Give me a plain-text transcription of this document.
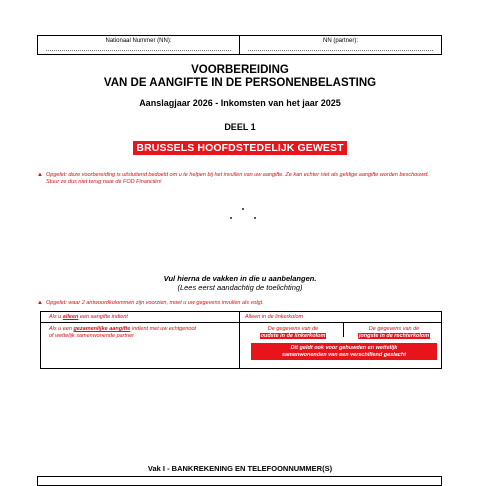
Nationaal Nummer (NN):	NN (partner):
VOORBEREIDING
VAN DE AANGIFTE IN DE PERSONENBELASTING
Aanslagjaar 2026 - Inkomsten van het jaar 2025
DEEL 1
BRUSSELS HOOFDSTEDELIJK GEWEST
▲ Opgelet: deze voorbereiding is uitsluitend bedoeld om u te helpen bij het invullen van uw aangifte. Ze kan echter niet als geldige aangifte worden beschouwd.
Stuur ze dus niet terug naar de FOD Financiën!
Vul hierna de vakken in die u aanbelangen.
(Lees eerst aandachtig de toelichting)
▲ Opgelet: waar 2 antwoordkolommen zijn voorzien, moet u uw gegevens invullen als volgt.
Als u alleen een aangifte indient	Alleen in de linkerkolom
Als u een gezamenlijke aangifte indient met uw echtgenoot
of wettelijk samenwonende partner
De gegevens van de
oudste in de linkerkolom
De gegevens van de
jongste in de rechterkolom
Dit geldt ook voor gehuwden en wettelijk
samenwonenden van een verschillend geslacht
Vak I - BANKREKENING EN TELEFOONNUMMER(S)
